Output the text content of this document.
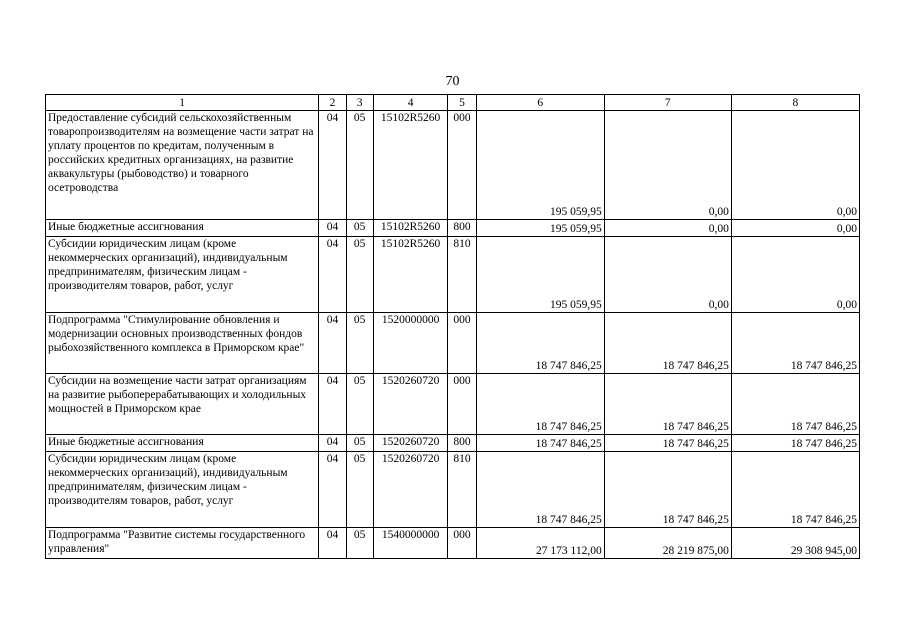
70
1	2	3	4	5	6	7	8
Предоставление субсидий сельскохозяйственным товаропроизводителям на возмещение части затрат на уплату процентов по кредитам, полученным в российских кредитных организациях, на развитие аквакультуры (рыбоводство) и товарного осетроводства	04	05	15102R5260	000	195 059,95	0,00	0,00
Иные бюджетные ассигнования	04	05	15102R5260	800	195 059,95	0,00	0,00
Субсидии юридическим лицам (кроме некоммерческих организаций), индивидуальным предпринимателям, физическим лицам - производителям товаров, работ, услуг	04	05	15102R5260	810	195 059,95	0,00	0,00
Подпрограмма "Стимулирование обновления и модернизации основных производственных фондов рыбохозяйственного комплекса в Приморском крае"	04	05	1520000000	000	18 747 846,25	18 747 846,25	18 747 846,25
Субсидии на возмещение части затрат организациям на развитие рыбоперерабатывающих и холодильных мощностей в Приморском крае	04	05	1520260720	000	18 747 846,25	18 747 846,25	18 747 846,25
Иные бюджетные ассигнования	04	05	1520260720	800	18 747 846,25	18 747 846,25	18 747 846,25
Субсидии юридическим лицам (кроме некоммерческих организаций), индивидуальным предпринимателям, физическим лицам - производителям товаров, работ, услуг	04	05	1520260720	810	18 747 846,25	18 747 846,25	18 747 846,25
Подпрограмма "Развитие системы государственного управления"	04	05	1540000000	000	27 173 112,00	28 219 875,00	29 308 945,00
